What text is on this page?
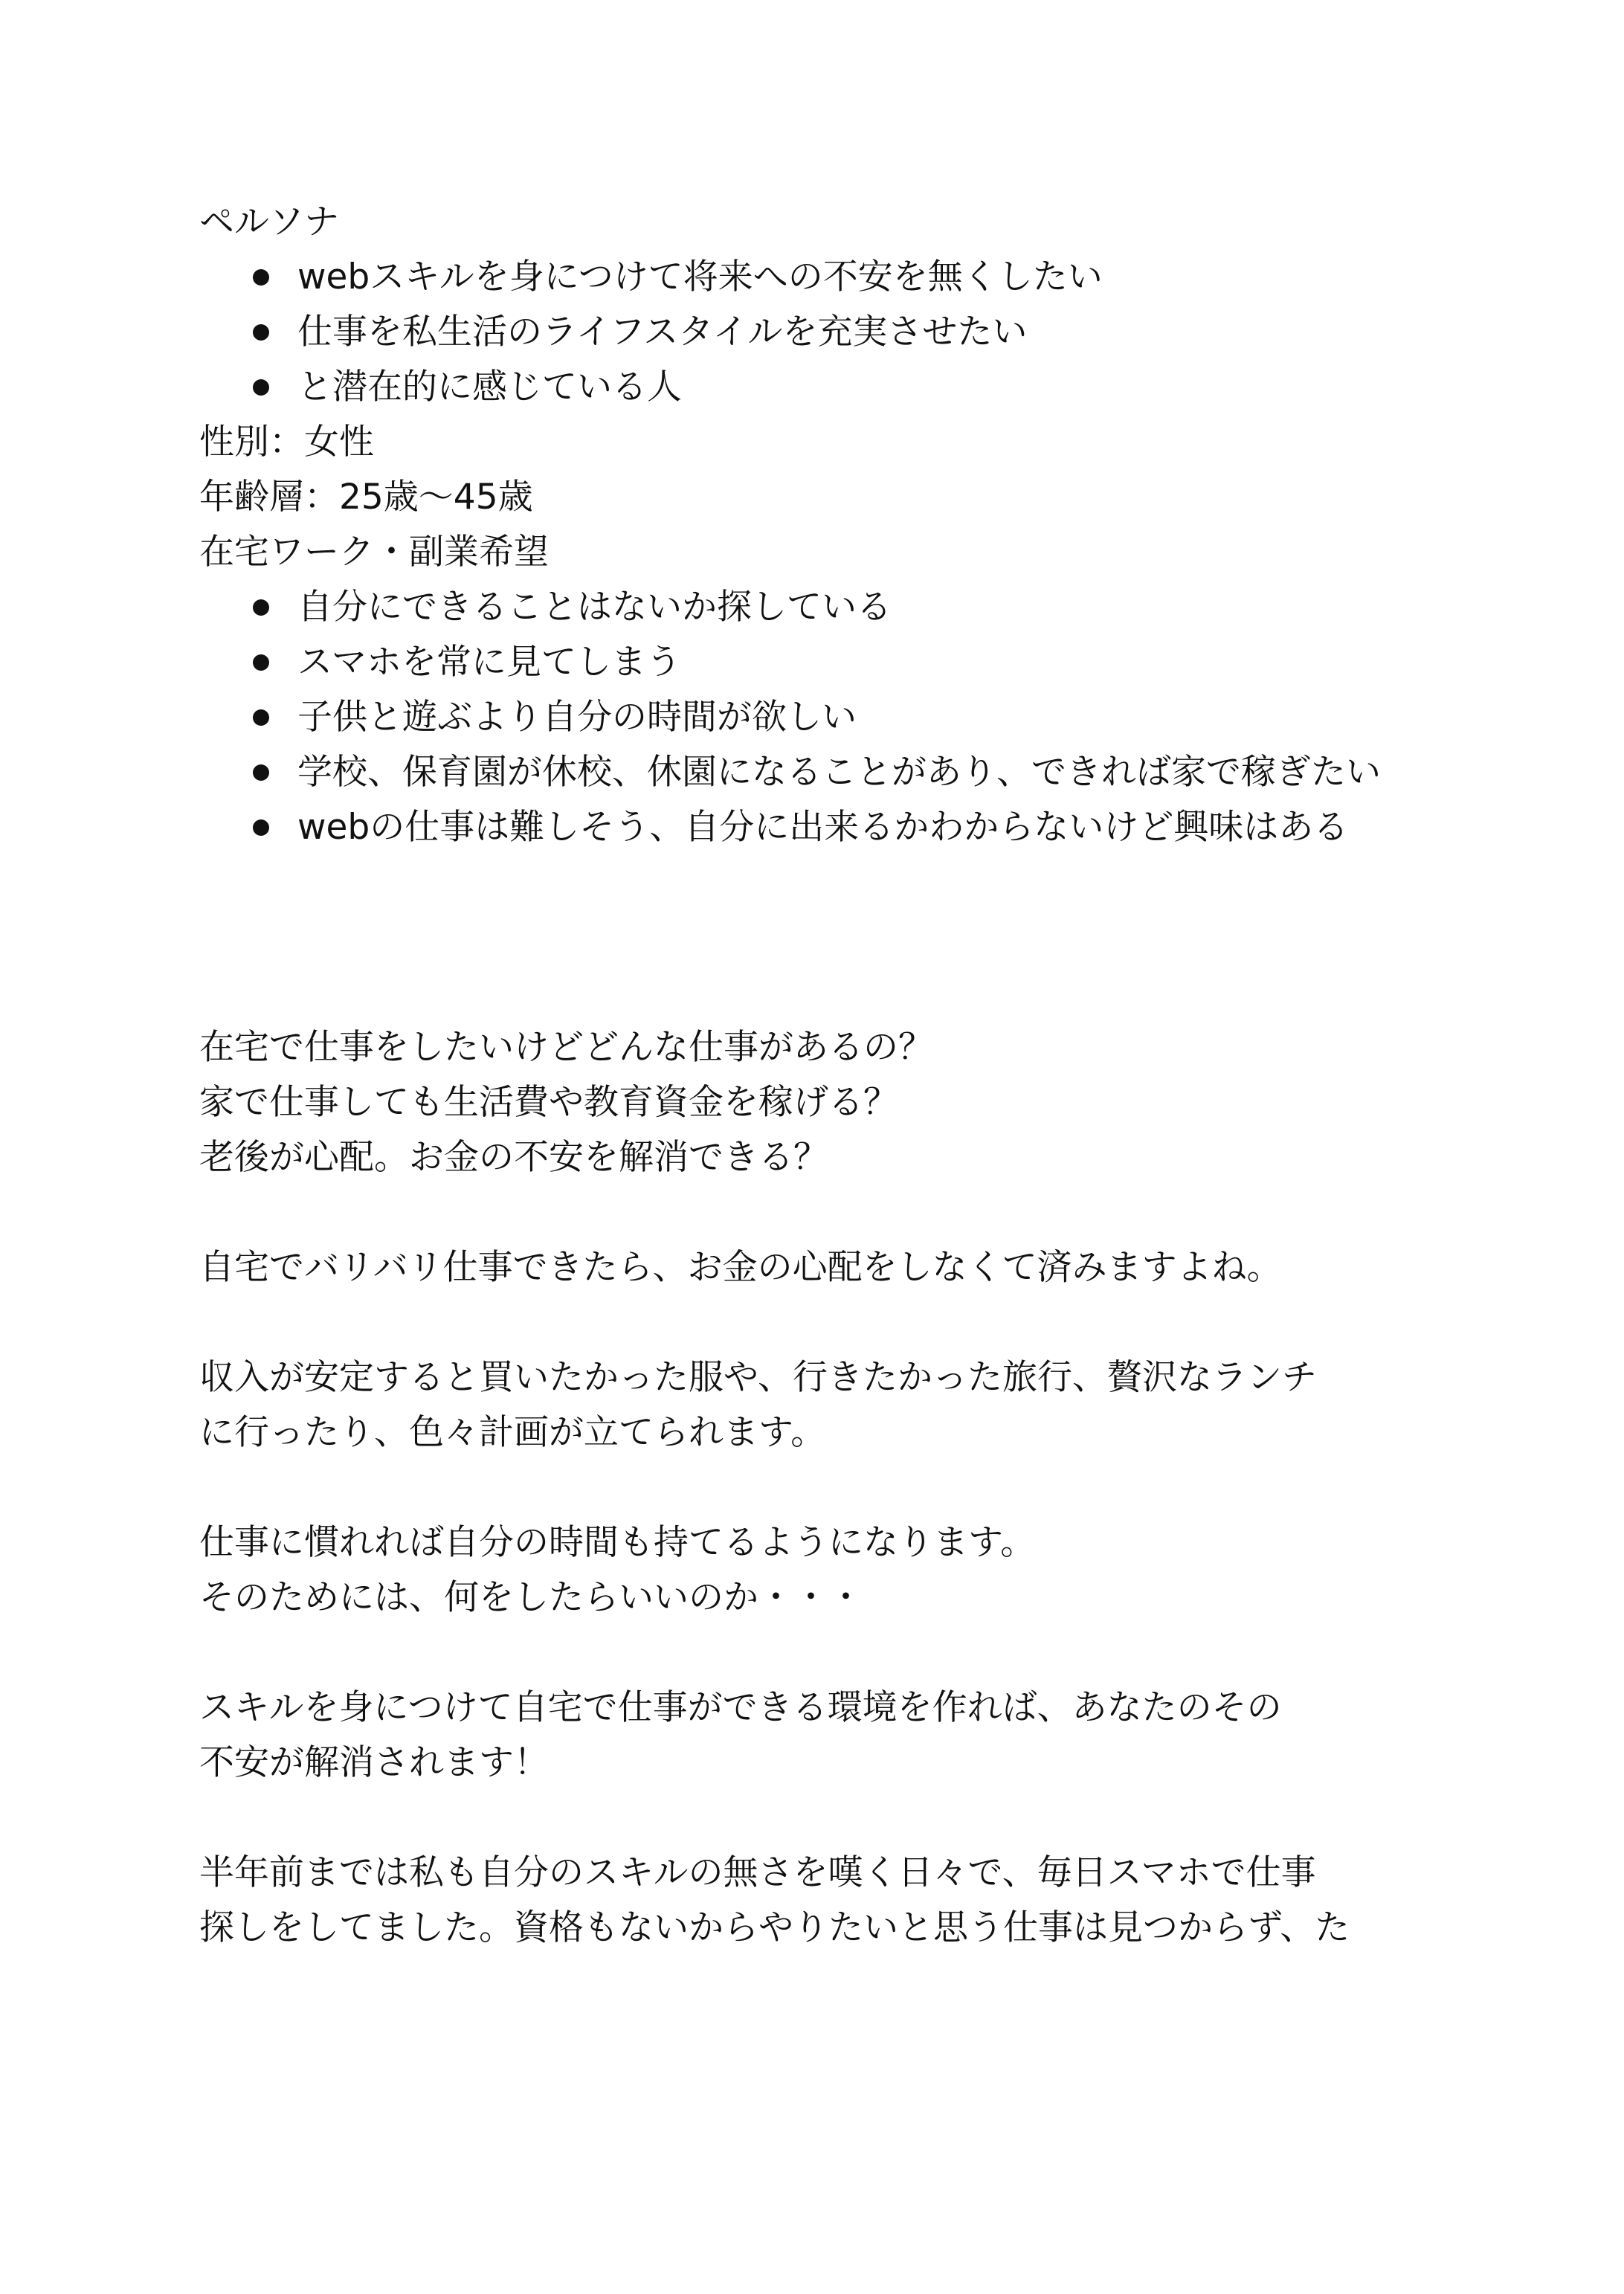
ペルソナ

webスキルを身につけて将来への不安を無くしたい
仕事を私生活のライフスタイルを充実させたい
と潜在的に感じている人

性別：女性

年齢層：25歳〜45歳

在宅ワーク・副業希望

自分にできることはないか探している
スマホを常に見てしまう
子供と遊ぶより自分の時間が欲しい
学校、保育園が休校、休園になることがあり、できれば家で稼ぎたい
webの仕事は難しそう、自分に出来るかわからないけど興味はある

在宅で仕事をしたいけどどんな仕事があるの？

家で仕事しても生活費や教育資金を稼げる？

老後が心配。お金の不安を解消できる？

自宅でバリバリ仕事できたら、お金の心配をしなくて済みますよね。

収入が安定すると買いたかった服や、行きたかった旅行、贅沢なランチ

に行ったり、色々計画が立てられます。

仕事に慣れれば自分の時間も持てるようになります。

そのためには、何をしたらいいのか・・・

スキルを身につけて自宅で仕事ができる環境を作れば、あなたのその

不安が解消されます！

半年前までは私も自分のスキルの無さを嘆く日々で、毎日スマホで仕事

探しをしてました。資格もないからやりたいと思う仕事は見つからず、た
